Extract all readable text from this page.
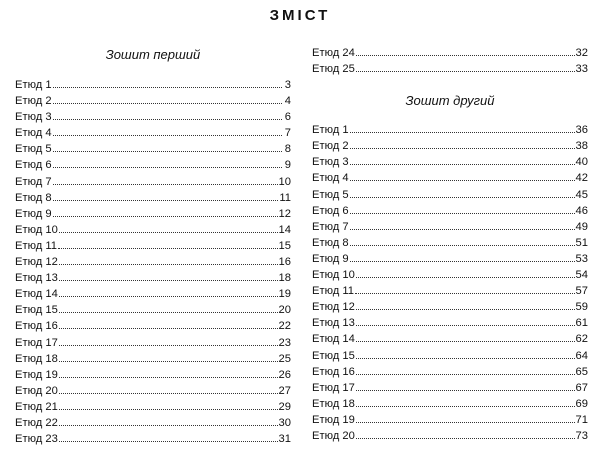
ЗМІСТ
Зошит перший
Етюд 1	3
Етюд 2	4
Етюд 3	6
Етюд 4	7
Етюд 5	8
Етюд 6	9
Етюд 7	10
Етюд 8	11
Етюд 9	12
Етюд 10	14
Етюд 11	15
Етюд 12	16
Етюд 13	18
Етюд 14	19
Етюд 15	20
Етюд 16	22
Етюд 17	23
Етюд 18	25
Етюд 19	26
Етюд 20	27
Етюд 21	29
Етюд 22	30
Етюд 23	31
Етюд 24	32
Етюд 25	33
Зошит другий
Етюд 1	36
Етюд 2	38
Етюд 3	40
Етюд 4	42
Етюд 5	45
Етюд 6	46
Етюд 7	49
Етюд 8	51
Етюд 9	53
Етюд 10	54
Етюд 11	57
Етюд 12	59
Етюд 13	61
Етюд 14	62
Етюд 15	64
Етюд 16	65
Етюд 17	67
Етюд 18	69
Етюд 19	71
Етюд 20	73
